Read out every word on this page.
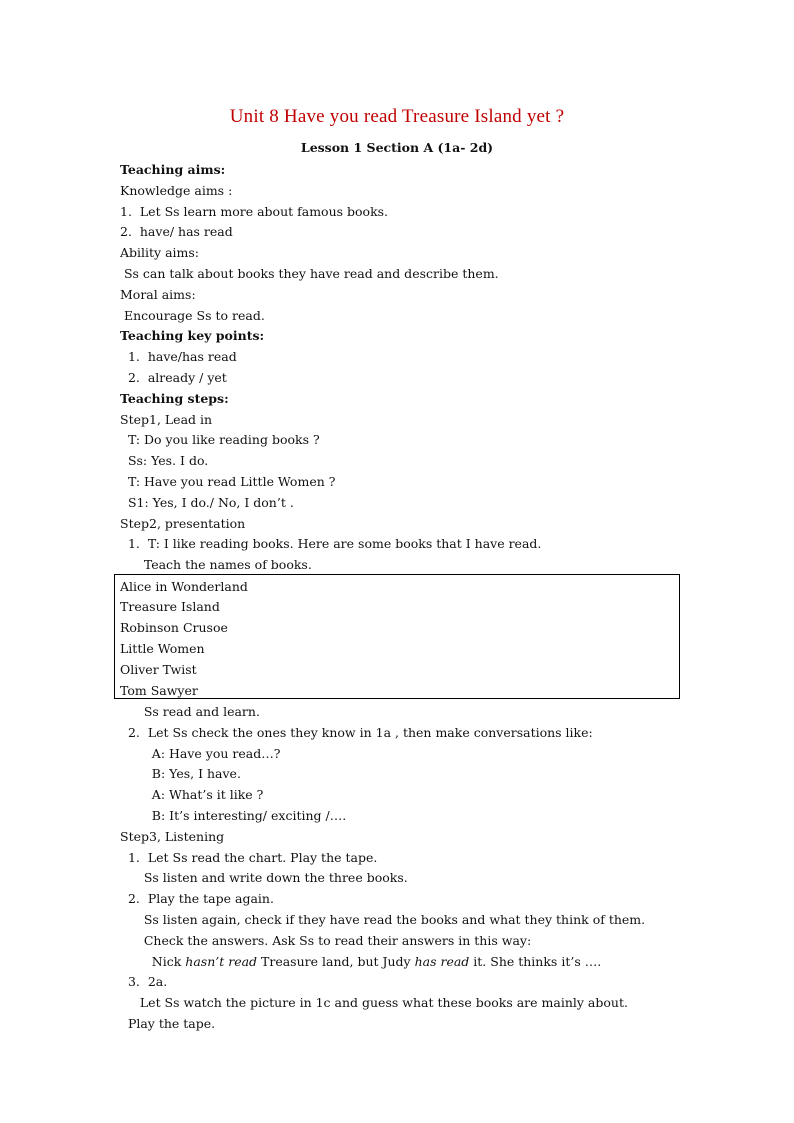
Unit 8 Have you read Treasure Island yet ?
Lesson 1 Section A (1a- 2d)
Teaching aims:
Knowledge aims :
1.  Let Ss learn more about famous books.
2.  have/ has read
Ability aims:
Ss can talk about books they have read and describe them.
Moral aims:
Encourage Ss to read.
Teaching key points:
1.  have/has read
2.  already / yet
Teaching steps:
Step1, Lead in
T: Do you like reading books ?
Ss: Yes. I do.
T: Have you read Little Women ?
S1: Yes, I do./ No, I don’t .
Step2, presentation
1.  T: I like reading books. Here are some books that I have read.
Teach the names of books.
Alice in Wonderland
Treasure Island
Robinson Crusoe
Little Women
Oliver Twist
Tom Sawyer
Ss read and learn.
2.  Let Ss check the ones they know in 1a , then make conversations like:
A: Have you read…?
B: Yes, I have.
A: What’s it like ?
B: It’s interesting/ exciting /….
Step3, Listening
1.  Let Ss read the chart. Play the tape.
Ss listen and write down the three books.
2.  Play the tape again.
Ss listen again, check if they have read the books and what they think of them.
Check the answers. Ask Ss to read their answers in this way:
Nick hasn’t read Treasure land, but Judy has read it. She thinks it’s ….
3.  2a.
Let Ss watch the picture in 1c and guess what these books are mainly about.
Play the tape.
